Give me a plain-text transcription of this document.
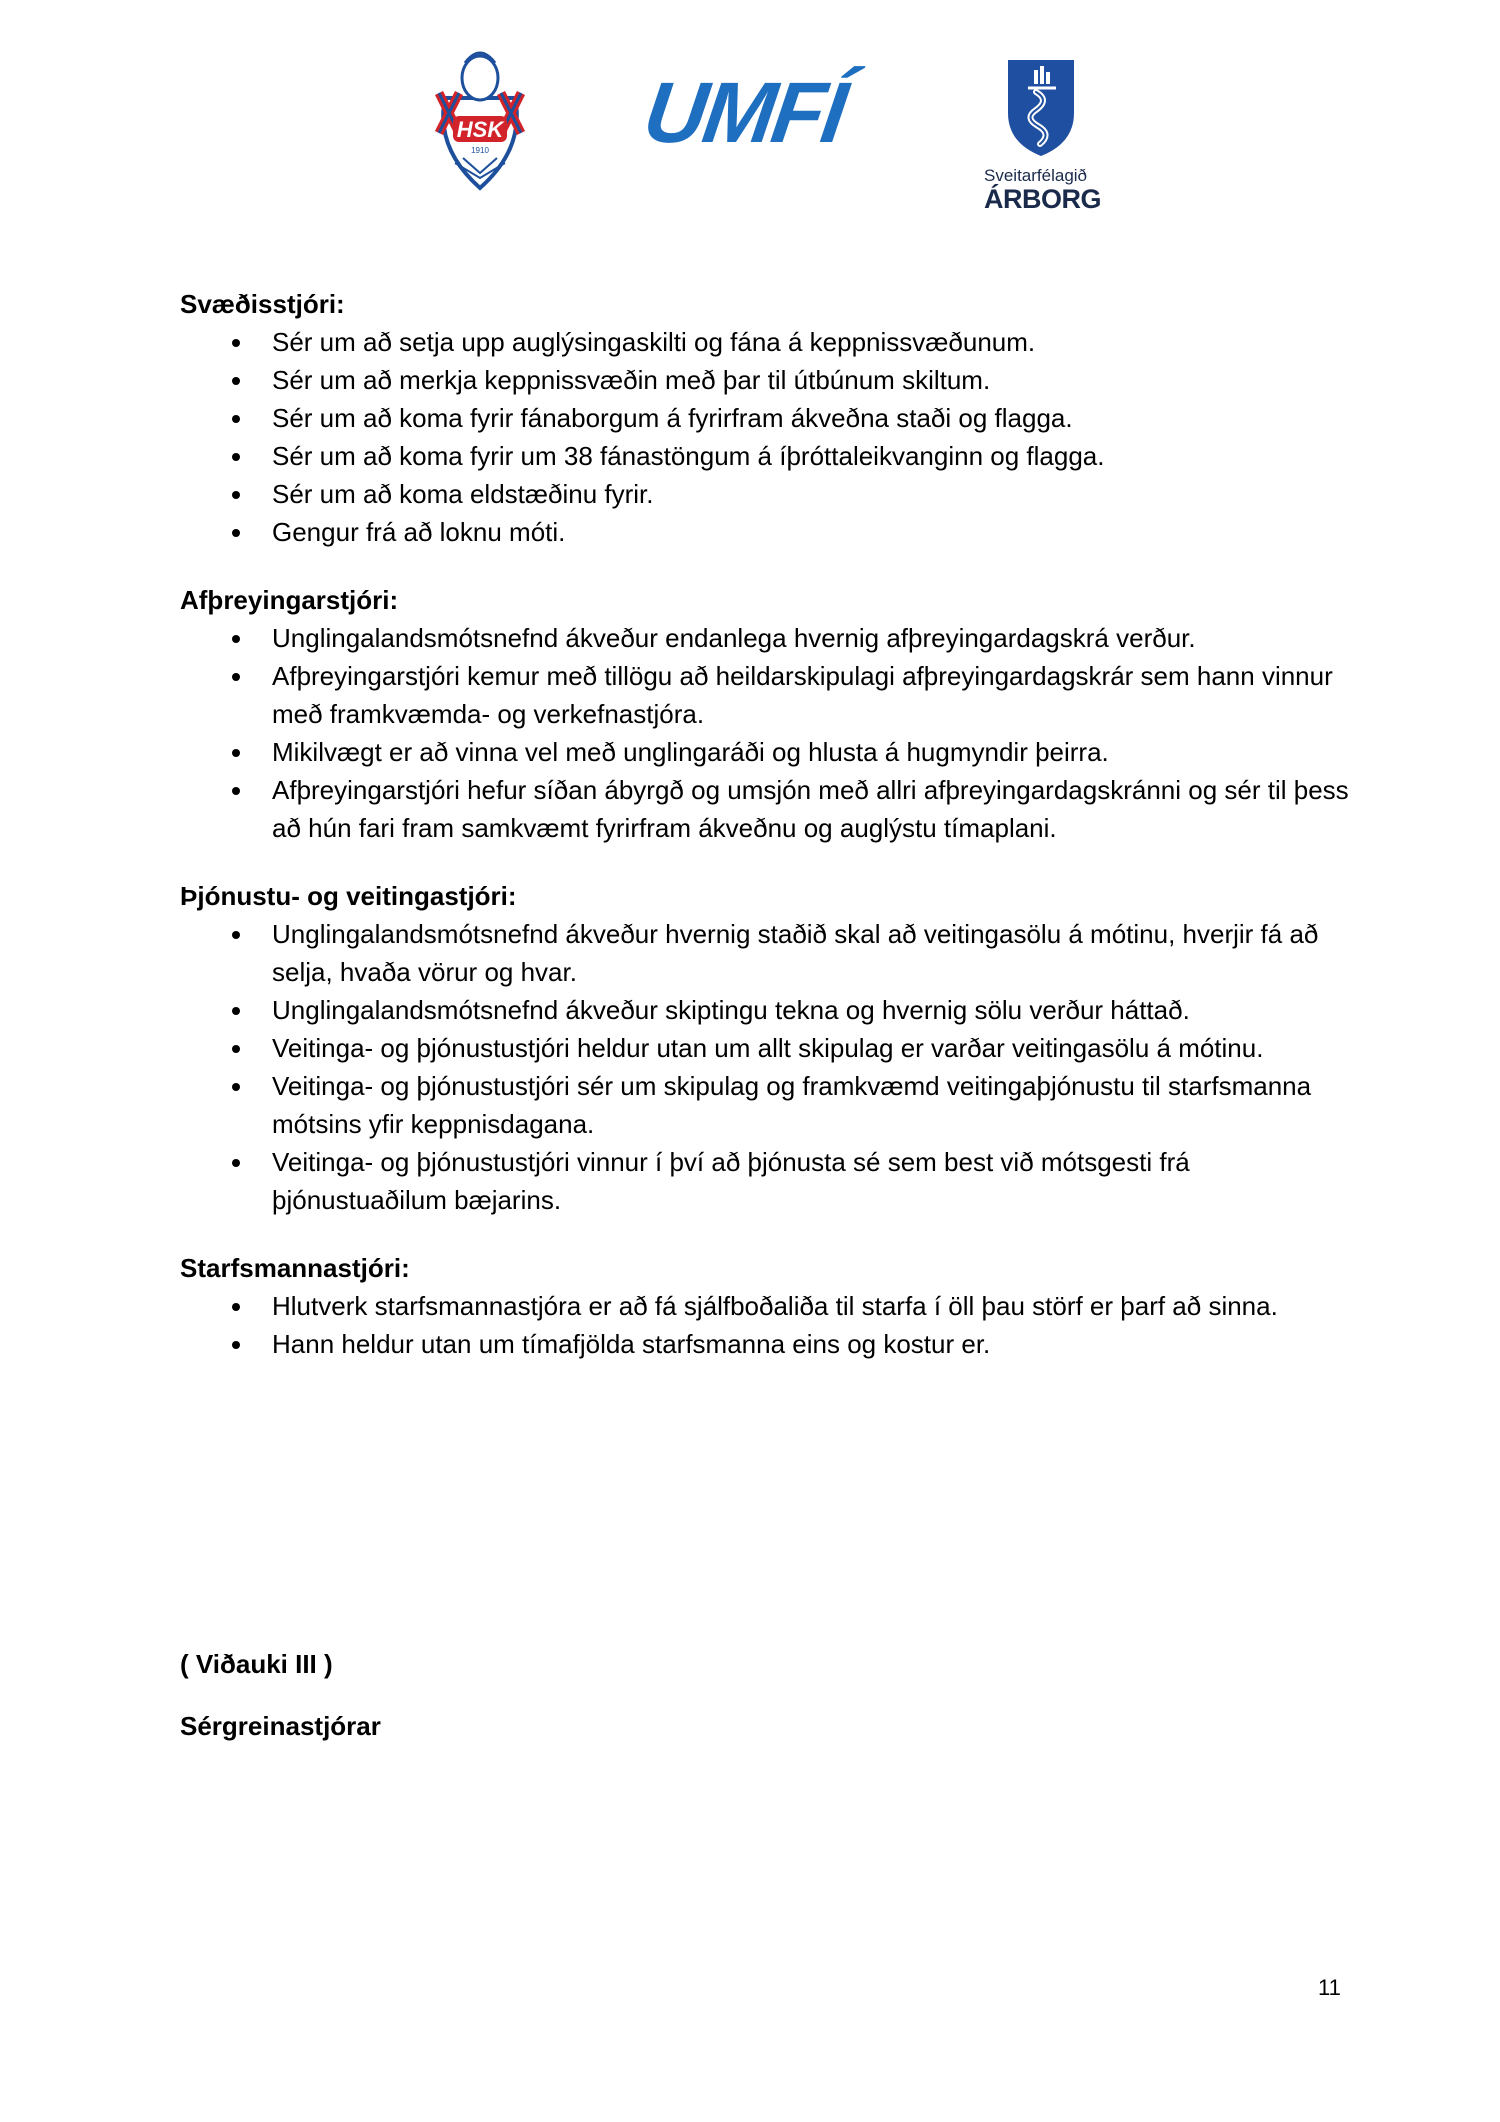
HSK
1910 UMFÍ
Sveitarfélagið
ÁRBORG

Svæðisstjóri:

Sér um að setja upp auglýsingaskilti og fána á keppnissvæðunum.
Sér um að merkja keppnissvæðin með þar til útbúnum skiltum.
Sér um að koma fyrir fánaborgum á fyrirfram ákveðna staði og flagga.
Sér um að koma fyrir um 38 fánastöngum á íþróttaleikvanginn og flagga.
Sér um að koma eldstæðinu fyrir.
Gengur frá að loknu móti.

Afþreyingarstjóri:

Unglingalandsmótsnefnd ákveður endanlega hvernig afþreyingardagskrá verður.
Afþreyingarstjóri kemur með tillögu að heildarskipulagi afþreyingardagskrár sem hann vinnur með framkvæmda- og verkefnastjóra.
Mikilvægt er að vinna vel með unglingaráði og hlusta á hugmyndir þeirra.
Afþreyingarstjóri hefur síðan ábyrgð og umsjón með allri afþreyingardagskránni og sér til þess að hún fari fram samkvæmt fyrirfram ákveðnu og auglýstu tímaplani.

Þjónustu- og veitingastjóri:

Unglingalandsmótsnefnd ákveður hvernig staðið skal að veitingasölu á mótinu, hverjir fá að selja, hvaða vörur og hvar.
Unglingalandsmótsnefnd ákveður skiptingu tekna og hvernig sölu verður háttað.
Veitinga- og þjónustustjóri heldur utan um allt skipulag er varðar veitingasölu á mótinu.
Veitinga- og þjónustustjóri sér um skipulag og framkvæmd veitingaþjónustu til starfsmanna mótsins yfir keppnisdagana.
Veitinga- og þjónustustjóri vinnur í því að þjónusta sé sem best við mótsgesti frá þjónustuaðilum bæjarins.

Starfsmannastjóri:

Hlutverk starfsmannastjóra er að fá sjálfboðaliða til starfa í öll þau störf er þarf að sinna.
Hann heldur utan um tímafjölda starfsmanna eins og kostur er.
( Viðauki III )
Sérgreinastjórar
11
